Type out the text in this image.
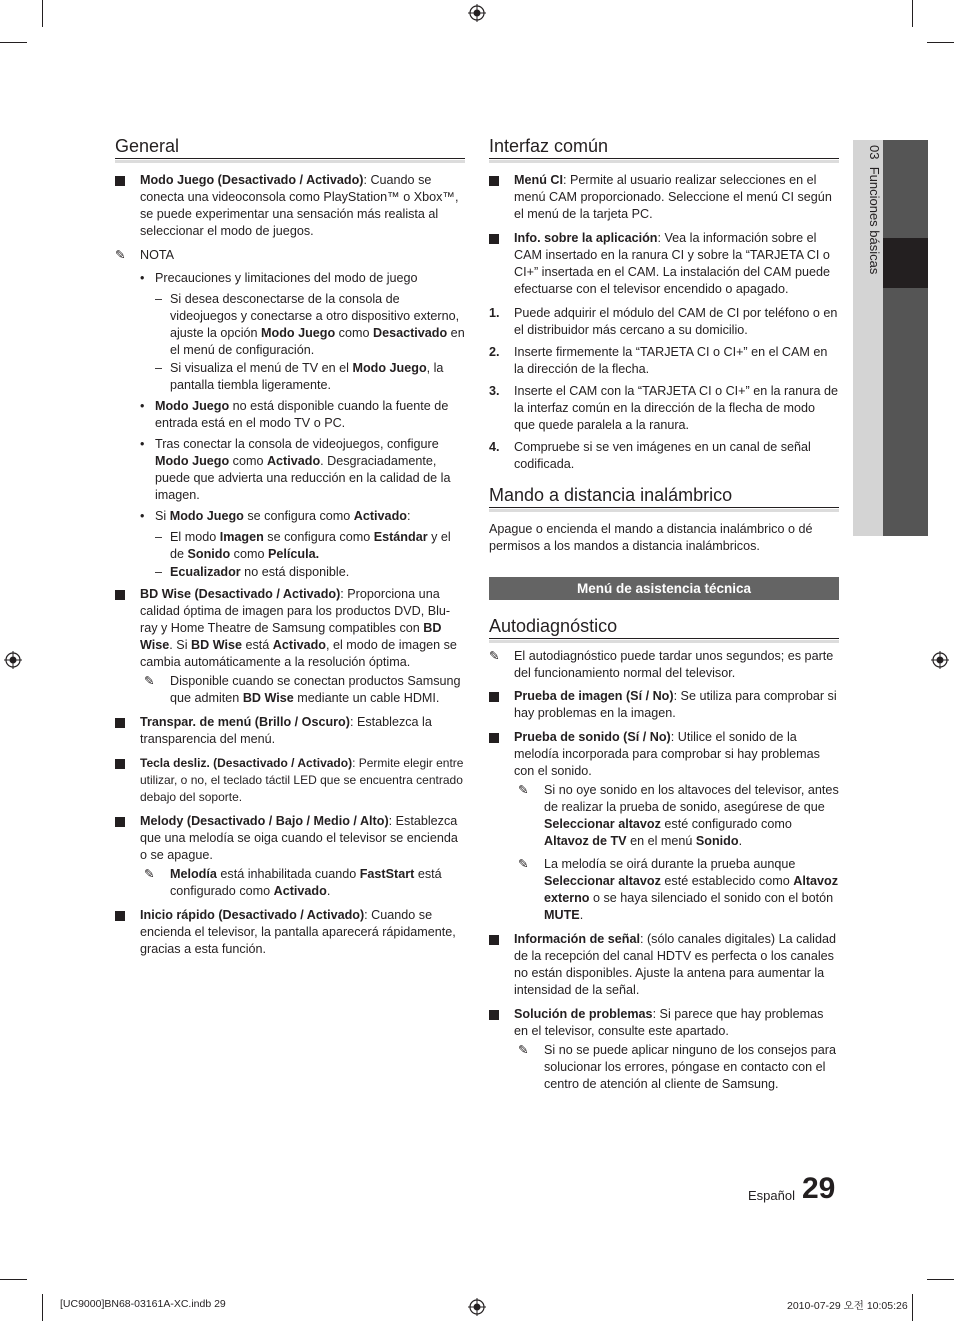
03  Funciones básicas
General

Modo Juego (Desactivado / Activado): Cuando se conecta una videoconsola como PlayStation™ o Xbox™, se puede experimentar una sensación más realista al seleccionar el modo de juegos.

✎ NOTA

• Precauciones y limitaciones del modo de juego

– Si desea desconectarse de la consola de videojuegos y conectarse a otro dispositivo externo, ajuste la opción Modo Juego como Desactivado en el menú de configuración.

– Si visualiza el menú de TV en el Modo Juego, la pantalla tiembla ligeramente.

• Modo Juego no está disponible cuando la fuente de entrada está en el modo TV o PC.

• Tras conectar la consola de videojuegos, configure Modo Juego como Activado. Desgraciadamente, puede que advierta una reducción en la calidad de la imagen.

• Si Modo Juego se configura como Activado:

– El modo Imagen se configura como Estándar y el de Sonido como Película.

– Ecualizador no está disponible.

BD Wise (Desactivado / Activado): Proporciona una calidad óptima de imagen para los productos DVD, Blu-ray y Home Theatre de Samsung compatibles con BD Wise. Si BD Wise está Activado, el modo de imagen se cambia automáticamente a la resolución óptima.

✎ Disponible cuando se conectan productos Samsung que admiten BD Wise mediante un cable HDMI.

Transpar. de menú (Brillo / Oscuro): Establezca la transparencia del menú.

Tecla desliz. (Desactivado / Activado): Permite elegir entre utilizar, o no, el teclado táctil LED que se encuentra centrado debajo del soporte.

Melody (Desactivado / Bajo / Medio / Alto): Establezca que una melodía se oiga cuando el televisor se encienda o se apague.

✎ Melodía está inhabilitada cuando FastStart está configurado como Activado.

Inicio rápido (Desactivado / Activado): Cuando se encienda el televisor, la pantalla aparecerá rápidamente, gracias a esta función.

Interfaz común

Menú CI: Permite al usuario realizar selecciones en el menú CAM proporcionado. Seleccione el menú CI según el menú de la tarjeta PC.

Info. sobre la aplicación: Vea la información sobre el CAM insertado en la ranura CI y sobre la “TARJETA CI o CI+” insertada en el CAM. La instalación del CAM puede efectuarse con el televisor encendido o apagado.

1. Puede adquirir el módulo del CAM de CI por teléfono o en el distribuidor más cercano a su domicilio.

2. Inserte firmemente la “TARJETA CI o CI+” en el CAM en la dirección de la flecha.

3. Inserte el CAM con la “TARJETA CI o CI+” en la ranura de la interfaz común en la dirección de la flecha de modo que quede paralela a la ranura.

4. Compruebe si se ven imágenes en un canal de señal codificada.

Mando a distancia inalámbrico

Apague o encienda el mando a distancia inalámbrico o dé permisos a los mandos a distancia inalámbricos.

Menú de asistencia técnica
Autodiagnóstico
✎ El autodiagnóstico puede tardar unos segundos; es parte del funcionamiento normal del televisor.

Prueba de imagen (Sí / No): Se utiliza para comprobar si hay problemas en la imagen.

Prueba de sonido (Sí / No): Utilice el sonido de la melodía incorporada para comprobar si hay problemas con el sonido.

✎ Si no oye sonido en los altavoces del televisor, antes de realizar la prueba de sonido, asegúrese de que Seleccionar altavoz esté configurado como Altavoz de TV en el menú Sonido.

✎ La melodía se oirá durante la prueba aunque Seleccionar altavoz esté establecido como Altavoz externo o se haya silenciado el sonido con el botón MUTE.

Información de señal: (sólo canales digitales) La calidad de la recepción del canal HDTV es perfecta o los canales no están disponibles. Ajuste la antena para aumentar la intensidad de la señal.

Solución de problemas: Si parece que hay problemas en el televisor, consulte este apartado.

✎ Si no se puede aplicar ninguno de los consejos para solucionar los errores, póngase en contacto con el centro de atención al cliente de Samsung.

Español 29
[UC9000]BN68-03161A-XC.indb 29	2010-07-29 오전 10:05:26
